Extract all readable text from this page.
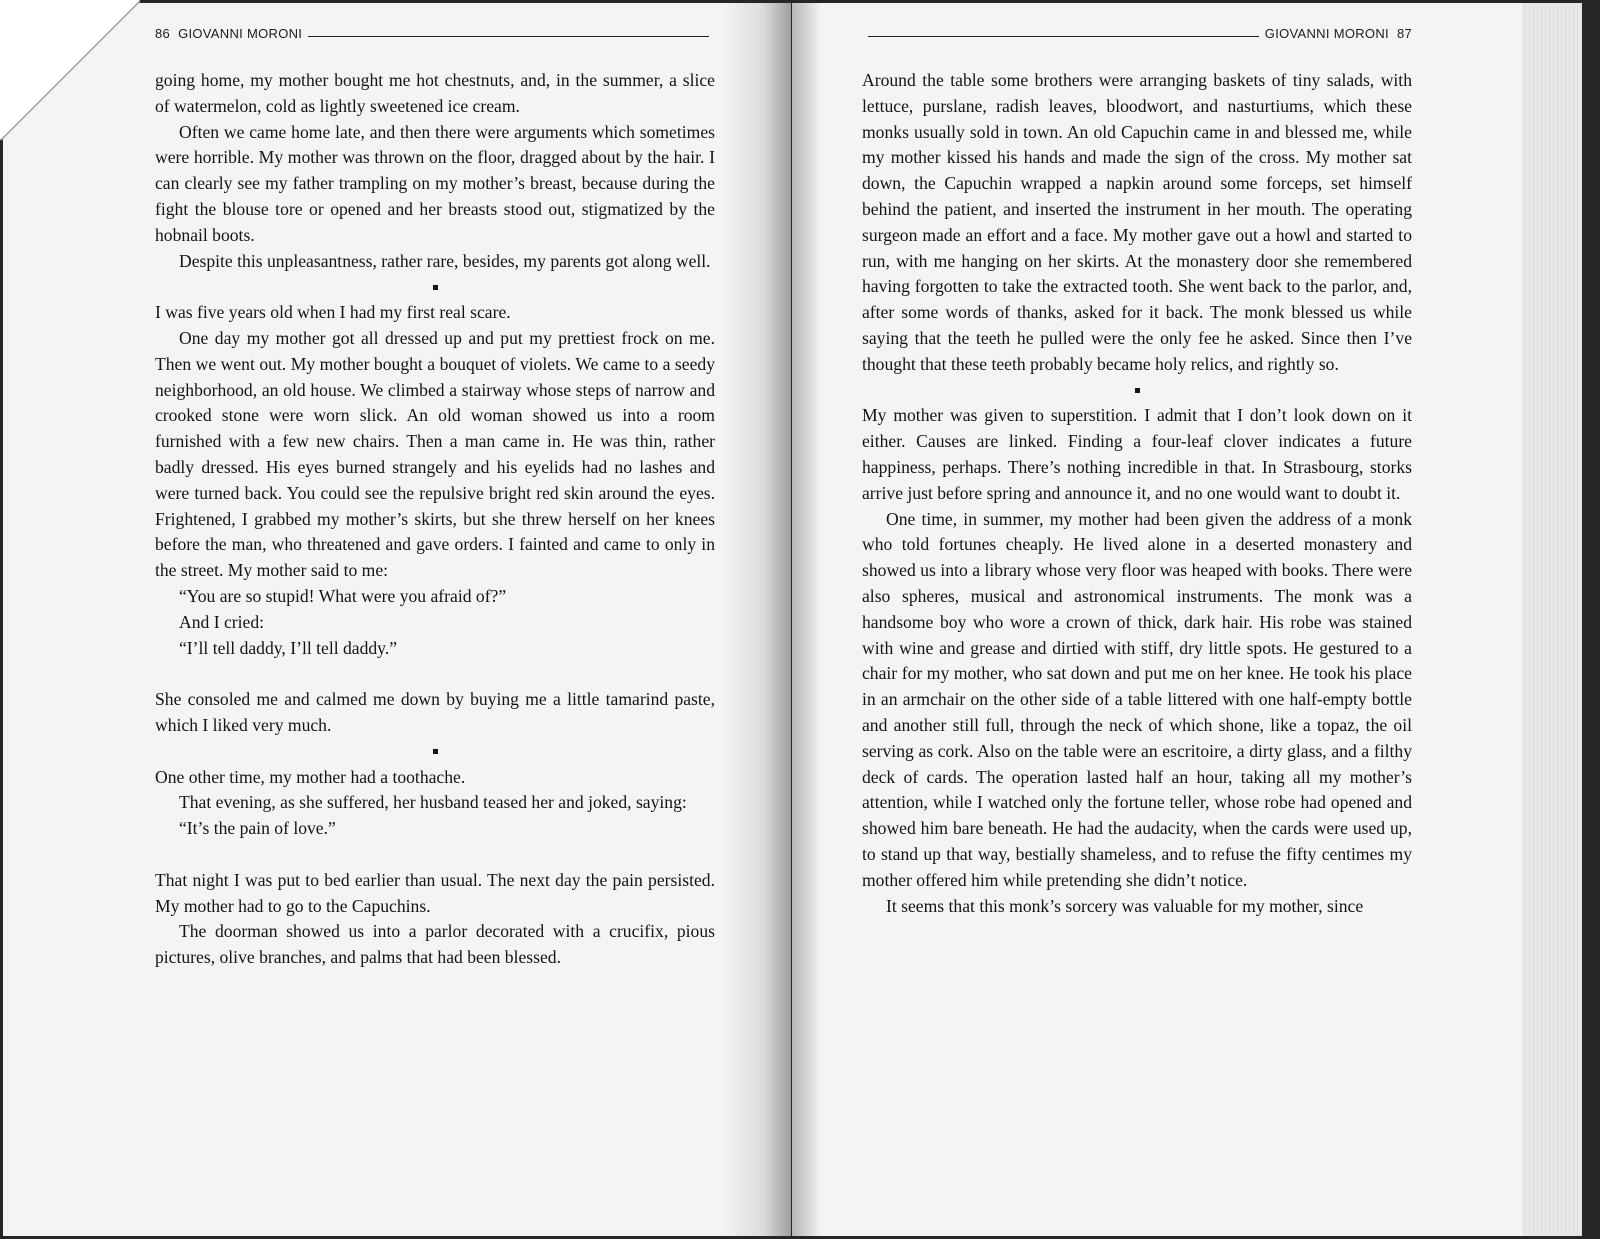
86 GIOVANNI MORONI

going home, my mother bought me hot chestnuts, and, in the summer, a slice of watermelon, cold as lightly sweetened ice cream.

Often we came home late, and then there were arguments which sometimes were horrible. My mother was thrown on the floor, dragged about by the hair. I can clearly see my father trampling on my mother’s breast, because during the fight the blouse tore or opened and her breasts stood out, stigmatized by the hobnail boots.

Despite this unpleasantness, rather rare, besides, my parents got along well.

I was five years old when I had my first real scare.

One day my mother got all dressed up and put my prettiest frock on me. Then we went out. My mother bought a bouquet of violets. We came to a seedy neighborhood, an old house. We climbed a stairway whose steps of narrow and crooked stone were worn slick. An old woman showed us into a room furnished with a few new chairs. Then a man came in. He was thin, rather badly dressed. His eyes burned strangely and his eyelids had no lashes and were turned back. You could see the repulsive bright red skin around the eyes. Frightened, I grabbed my mother’s skirts, but she threw herself on her knees before the man, who threatened and gave orders. I fainted and came to only in the street. My mother said to me:

“You are so stupid! What were you afraid of?”

And I cried:

“I’ll tell daddy, I’ll tell daddy.”

She consoled me and calmed me down by buying me a little tamarind paste, which I liked very much.

One other time, my mother had a toothache.

That evening, as she suffered, her husband teased her and joked, saying:

“It’s the pain of love.”

That night I was put to bed earlier than usual. The next day the pain persisted. My mother had to go to the Capuchins.

The doorman showed us into a parlor decorated with a crucifix, pious pictures, olive branches, and palms that had been blessed.

GIOVANNI MORONI 87

Around the table some brothers were arranging baskets of tiny salads, with lettuce, purslane, radish leaves, bloodwort, and nasturtiums, which these monks usually sold in town. An old Capuchin came in and blessed me, while my mother kissed his hands and made the sign of the cross. My mother sat down, the Capuchin wrapped a napkin around some forceps, set himself behind the patient, and inserted the instrument in her mouth. The operating surgeon made an effort and a face. My mother gave out a howl and started to run, with me hanging on her skirts. At the monastery door she remembered having forgotten to take the extracted tooth. She went back to the parlor, and, after some words of thanks, asked for it back. The monk blessed us while saying that the teeth he pulled were the only fee he asked. Since then I’ve thought that these teeth probably became holy relics, and rightly so.

My mother was given to superstition. I admit that I don’t look down on it either. Causes are linked. Finding a four-leaf clover indicates a future happiness, perhaps. There’s nothing incredible in that. In Strasbourg, storks arrive just before spring and announce it, and no one would want to doubt it.

One time, in summer, my mother had been given the address of a monk who told fortunes cheaply. He lived alone in a deserted monastery and showed us into a library whose very floor was heaped with books. There were also spheres, musical and astronomical instruments. The monk was a handsome boy who wore a crown of thick, dark hair. His robe was stained with wine and grease and dirtied with stiff, dry little spots. He gestured to a chair for my mother, who sat down and put me on her knee. He took his place in an armchair on the other side of a table littered with one half-empty bottle and another still full, through the neck of which shone, like a topaz, the oil serving as cork. Also on the table were an escritoire, a dirty glass, and a filthy deck of cards. The operation lasted half an hour, taking all my mother’s attention, while I watched only the fortune teller, whose robe had opened and showed him bare beneath. He had the audacity, when the cards were used up, to stand up that way, bestially shameless, and to refuse the fifty centimes my mother offered him while pretending she didn’t notice.

It seems that this monk’s sorcery was valuable for my mother, since
